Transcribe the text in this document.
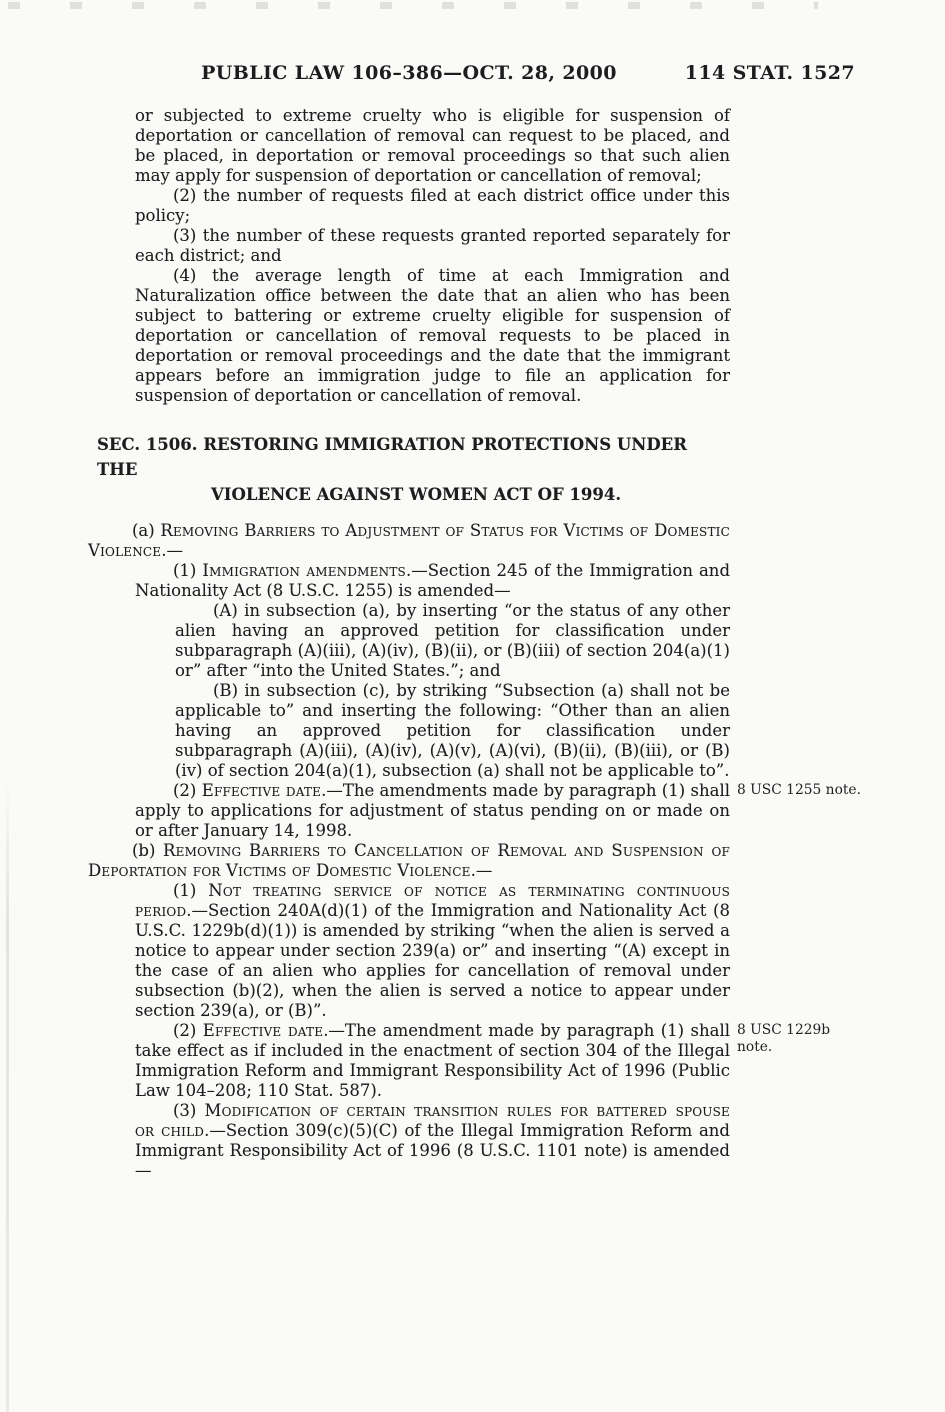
PUBLIC LAW 106–386—OCT. 28, 2000	114 STAT. 1527
or subjected to extreme cruelty who is eligible for suspension of deportation or cancellation of removal can request to be placed, and be placed, in deportation or removal proceedings so that such alien may apply for suspension of deportation or cancellation of removal;
(2) the number of requests filed at each district office under this policy;
(3) the number of these requests granted reported separately for each district; and
(4) the average length of time at each Immigration and Naturalization office between the date that an alien who has been subject to battering or extreme cruelty eligible for suspension of deportation or cancellation of removal requests to be placed in deportation or removal proceedings and the date that the immigrant appears before an immigration judge to file an application for suspension of deportation or cancellation of removal.
SEC. 1506. RESTORING IMMIGRATION PROTECTIONS UNDER THE
VIOLENCE AGAINST WOMEN ACT OF 1994.
(a) Removing Barriers to Adjustment of Status for Victims of Domestic Violence.—
(1) Immigration amendments.—Section 245 of the Immigration and Nationality Act (8 U.S.C. 1255) is amended—
(A) in subsection (a), by inserting “or the status of any other alien having an approved petition for classification under subparagraph (A)(iii), (A)(iv), (B)(ii), or (B)(iii) of section 204(a)(1) or” after “into the United States.”; and
(B) in subsection (c), by striking “Subsection (a) shall not be applicable to” and inserting the following: “Other than an alien having an approved petition for classification under subparagraph (A)(iii), (A)(iv), (A)(v), (A)(vi), (B)(ii), (B)(iii), or (B)(iv) of section 204(a)(1), subsection (a) shall not be applicable to”.
8 USC 1255 note.
(2) Effective date.—The amendments made by paragraph (1) shall apply to applications for adjustment of status pending on or made on or after January 14, 1998.
(b) Removing Barriers to Cancellation of Removal and Suspension of Deportation for Victims of Domestic Violence.—
(1) Not treating service of notice as terminating continuous period.—Section 240A(d)(1) of the Immigration and Nationality Act (8 U.S.C. 1229b(d)(1)) is amended by striking “when the alien is served a notice to appear under section 239(a) or” and inserting “(A) except in the case of an alien who applies for cancellation of removal under subsection (b)(2), when the alien is served a notice to appear under section 239(a), or (B)”.
8 USC 1229b
note.
(2) Effective date.—The amendment made by paragraph (1) shall take effect as if included in the enactment of section 304 of the Illegal Immigration Reform and Immigrant Responsibility Act of 1996 (Public Law 104–208; 110 Stat. 587).
(3) Modification of certain transition rules for battered spouse or child.—Section 309(c)(5)(C) of the Illegal Immigration Reform and Immigrant Responsibility Act of 1996 (8 U.S.C. 1101 note) is amended—
